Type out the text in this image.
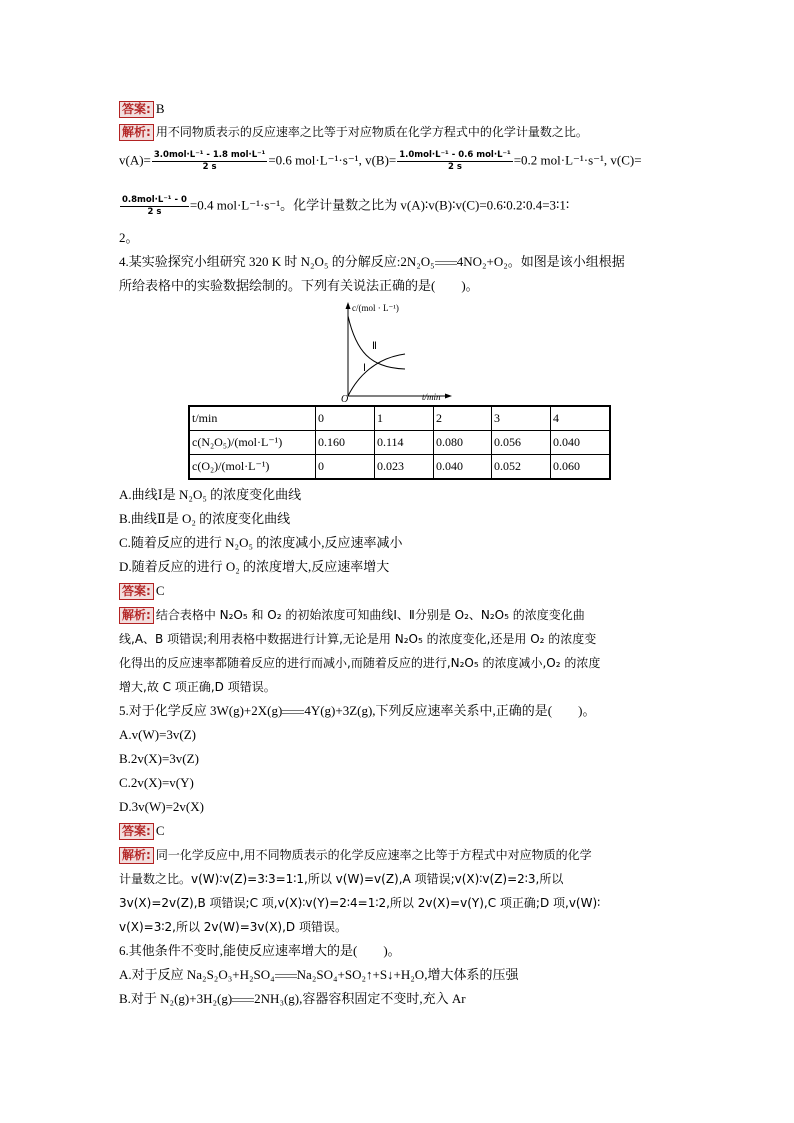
答案: B
解析: 用不同物质表示的反应速率之比等于对应物质在化学方程式中的化学计量数之比。
$v(A)= \frac{\text{3.0mol·L⁻¹ - 1.8 mol·L⁻¹}}{2 s} =0.6$ mol·L⁻¹·s⁻¹, $v(B)= \frac{\text{1.0mol·L⁻¹ - 0.6 mol·L⁻¹}}{2 s} =0.2$ mol·L⁻¹·s⁻¹, v(C)=
$\frac{\text{0.8mol·L⁻¹ - 0}}{2 s} =0.4$ mol·L⁻¹·s⁻¹。化学计量数之比为 v(A)∶v(B)∶v(C)=0.6∶0.2∶0.4=3∶1∶
2。
4.某实验探究小组研究 320 K 时 N₂O₅ 的分解反应:2N₂O₅ 4NO₂+O₂。如图是该小组根据
所给表格中的实验数据绘制的。下列有关说法正确的是(　　)。
c/(mol · L⁻¹)
t/min
O
Ⅱ
Ⅰ
t/min	0	1	2	3	4
c(N₂O₅)/(mol·L⁻¹)	0.160	0.114	0.080	0.056	0.040
c(O₂)/(mol·L⁻¹)	0	0.023	0.040	0.052	0.060
A.曲线Ⅰ是 N₂O₅ 的浓度变化曲线
B.曲线Ⅱ是 O₂ 的浓度变化曲线
C.随着反应的进行 N₂O₅ 的浓度减小,反应速率减小
D.随着反应的进行 O₂ 的浓度增大,反应速率增大
答案: C
解析: 结合表格中 N₂O₅ 和 O₂ 的初始浓度可知曲线Ⅰ、Ⅱ分别是 O₂、N₂O₅ 的浓度变化曲
线,A、B 项错误;利用表格中数据进行计算,无论是用 N₂O₅ 的浓度变化,还是用 O₂ 的浓度变
化得出的反应速率都随着反应的进行而减小,而随着反应的进行,N₂O₅ 的浓度减小,O₂ 的浓度
增大,故 C 项正确,D 项错误。
5.对于化学反应 3W(g)+2X(g) 4Y(g)+3Z(g),下列反应速率关系中,正确的是(　　)。
A.v(W)=3v(Z)
B.2v(X)=3v(Z)
C.2v(X)=v(Y)
D.3v(W)=2v(X)
答案: C
解析: 同一化学反应中,用不同物质表示的化学反应速率之比等于方程式中对应物质的化学
计量数之比。v(W)∶v(Z)=3∶3=1∶1,所以 v(W)=v(Z),A 项错误;v(X)∶v(Z)=2∶3,所以
3v(X)=2v(Z),B 项错误;C 项,v(X)∶v(Y)=2∶4=1∶2,所以 2v(X)=v(Y),C 项正确;D 项,v(W)∶
v(X)=3∶2,所以 2v(W)=3v(X),D 项错误。
6.其他条件不变时,能使反应速率增大的是(　　)。
A.对于反应 Na₂S₂O₃+H₂SO₄ Na₂SO₄+SO₂↑+S↓+H₂O,增大体系的压强
B.对于 N₂(g)+3H₂(g) 2NH₃(g),容器容积固定不变时,充入 Ar
